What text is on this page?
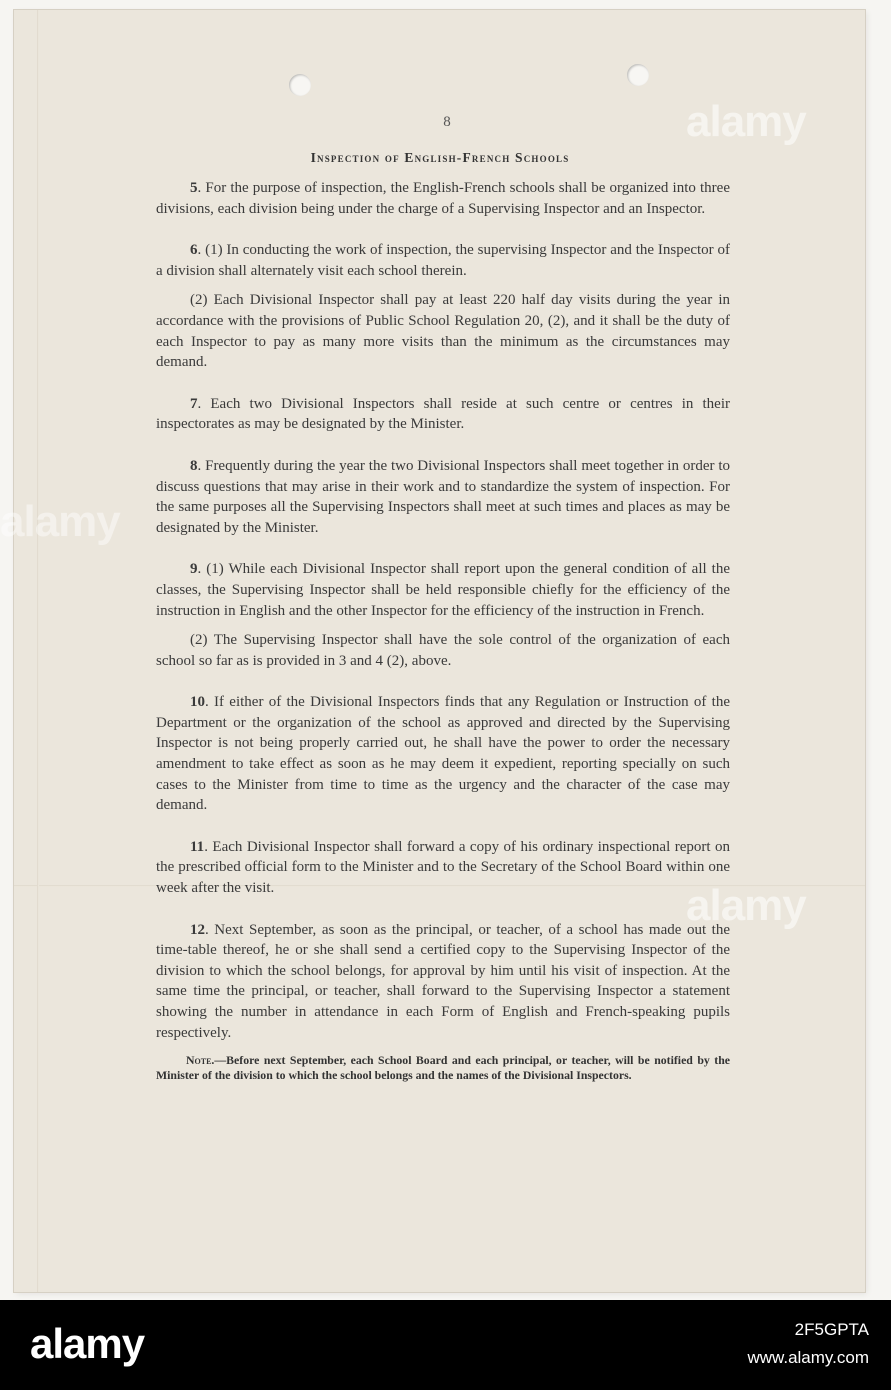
8
Inspection of English-French Schools

5. For the purpose of inspection, the English-French schools shall be organized into three divisions, each division being under the charge of a Supervising Inspector and an Inspector.

6. (1) In conducting the work of inspection, the supervising Inspector and the Inspector of a division shall alternately visit each school therein.

(2) Each Divisional Inspector shall pay at least 220 half day visits during the year in accordance with the provisions of Public School Regulation 20, (2), and it shall be the duty of each Inspector to pay as many more visits than the minimum as the circumstances may demand.

7. Each two Divisional Inspectors shall reside at such centre or centres in their inspectorates as may be designated by the Minister.

8. Frequently during the year the two Divisional Inspectors shall meet together in order to discuss questions that may arise in their work and to standardize the system of inspection. For the same purposes all the Supervising Inspectors shall meet at such times and places as may be designated by the Minister.

9. (1) While each Divisional Inspector shall report upon the general condition of all the classes, the Supervising Inspector shall be held responsible chiefly for the efficiency of the instruction in English and the other Inspector for the efficiency of the instruction in French.

(2) The Supervising Inspector shall have the sole control of the organization of each school so far as is provided in 3 and 4 (2), above.

10. If either of the Divisional Inspectors finds that any Regulation or Instruction of the Department or the organization of the school as approved and directed by the Supervising Inspector is not being properly carried out, he shall have the power to order the necessary amendment to take effect as soon as he may deem it expedient, reporting specially on such cases to the Minister from time to time as the urgency and the character of the case may demand.

11. Each Divisional Inspector shall forward a copy of his ordinary inspectional report on the prescribed official form to the Minister and to the Secretary of the School Board within one week after the visit.

12. Next September, as soon as the principal, or teacher, of a school has made out the time-table thereof, he or she shall send a certified copy to the Supervising Inspector of the division to which the school belongs, for approval by him until his visit of inspection. At the same time the principal, or teacher, shall forward to the Supervising Inspector a statement showing the number in attendance in each Form of English and French-speaking pupils respectively.

Note.—Before next September, each School Board and each principal, or teacher, will be notified by the Minister of the division to which the school belongs and the names of the Divisional Inspectors.

alamy
alamy
alamy
alamy	2F5GPTA
www.alamy.com
